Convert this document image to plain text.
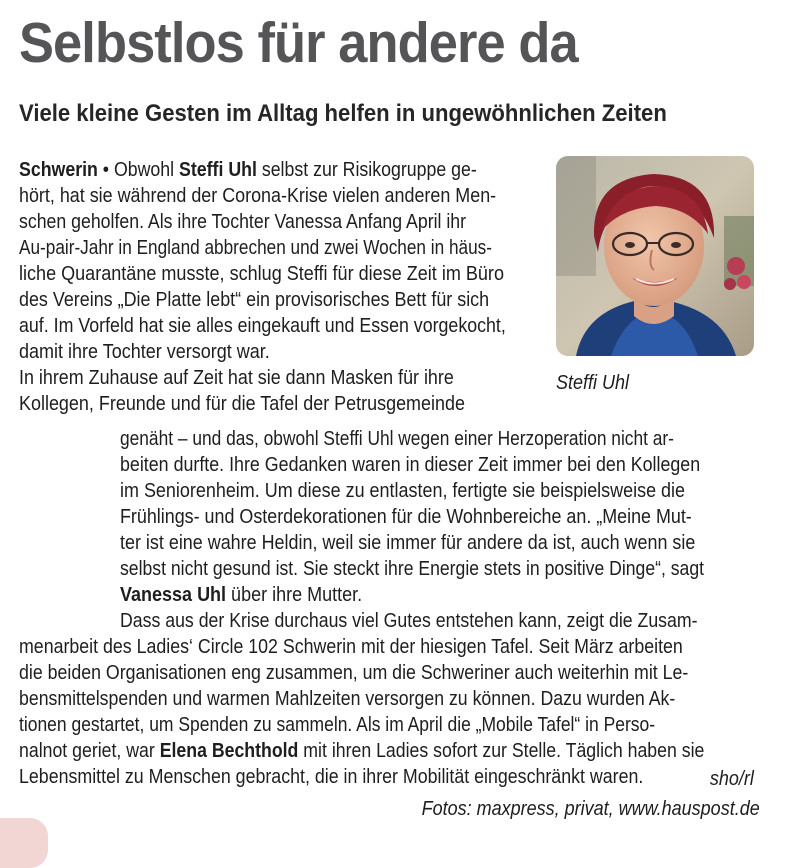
Selbstlos für andere da
Viele kleine Gesten im Alltag helfen in ungewöhnlichen Zeiten
Schwerin • Obwohl Steffi Uhl selbst zur Risikogruppe ge-
hört, hat sie während der Corona-Krise vielen anderen Men-
schen geholfen. Als ihre Tochter Vanessa Anfang April ihr
Au-pair-Jahr in England abbrechen und zwei Wochen in häus-
liche Quarantäne musste, schlug Steffi für diese Zeit im Büro
des Vereins „Die Platte lebt“ ein provisorisches Bett für sich
auf. Im Vorfeld hat sie alles eingekauft und Essen vorgekocht,
damit ihre Tochter versorgt war.
In ihrem Zuhause auf Zeit hat sie dann Masken für ihre
Kollegen, Freunde und für die Tafel der Petrusgemeinde
genäht – und das, obwohl Steffi Uhl wegen einer Herzoperation nicht ar-
beiten durfte. Ihre Gedanken waren in dieser Zeit immer bei den Kollegen
im Seniorenheim. Um diese zu entlasten, fertigte sie beispielsweise die
Frühlings- und Osterdekorationen für die Wohnbereiche an. „Meine Mut-
ter ist eine wahre Heldin, weil sie immer für andere da ist, auch wenn sie
selbst nicht gesund ist. Sie steckt ihre Energie stets in positive Dinge“, sagt
Vanessa Uhl über ihre Mutter.
Dass aus der Krise durchaus viel Gutes entstehen kann, zeigt die Zusam-
menarbeit des Ladies‘ Circle 102 Schwerin mit der hiesigen Tafel. Seit März arbeiten
die beiden Organisationen eng zusammen, um die Schweriner auch weiterhin mit Le-
bensmittelspenden und warmen Mahlzeiten versorgen zu können. Dazu wurden Ak-
tionen gestartet, um Spenden zu sammeln. Als im April die „Mobile Tafel“ in Perso-
nalnot geriet, war Elena Bechthold mit ihren Ladies sofort zur Stelle. Täglich haben sie
Lebensmittel zu Menschen gebracht, die in ihrer Mobilität eingeschränkt waren.
Steffi Uhl
sho/rl
Fotos: maxpress, privat, www.hauspost.de
